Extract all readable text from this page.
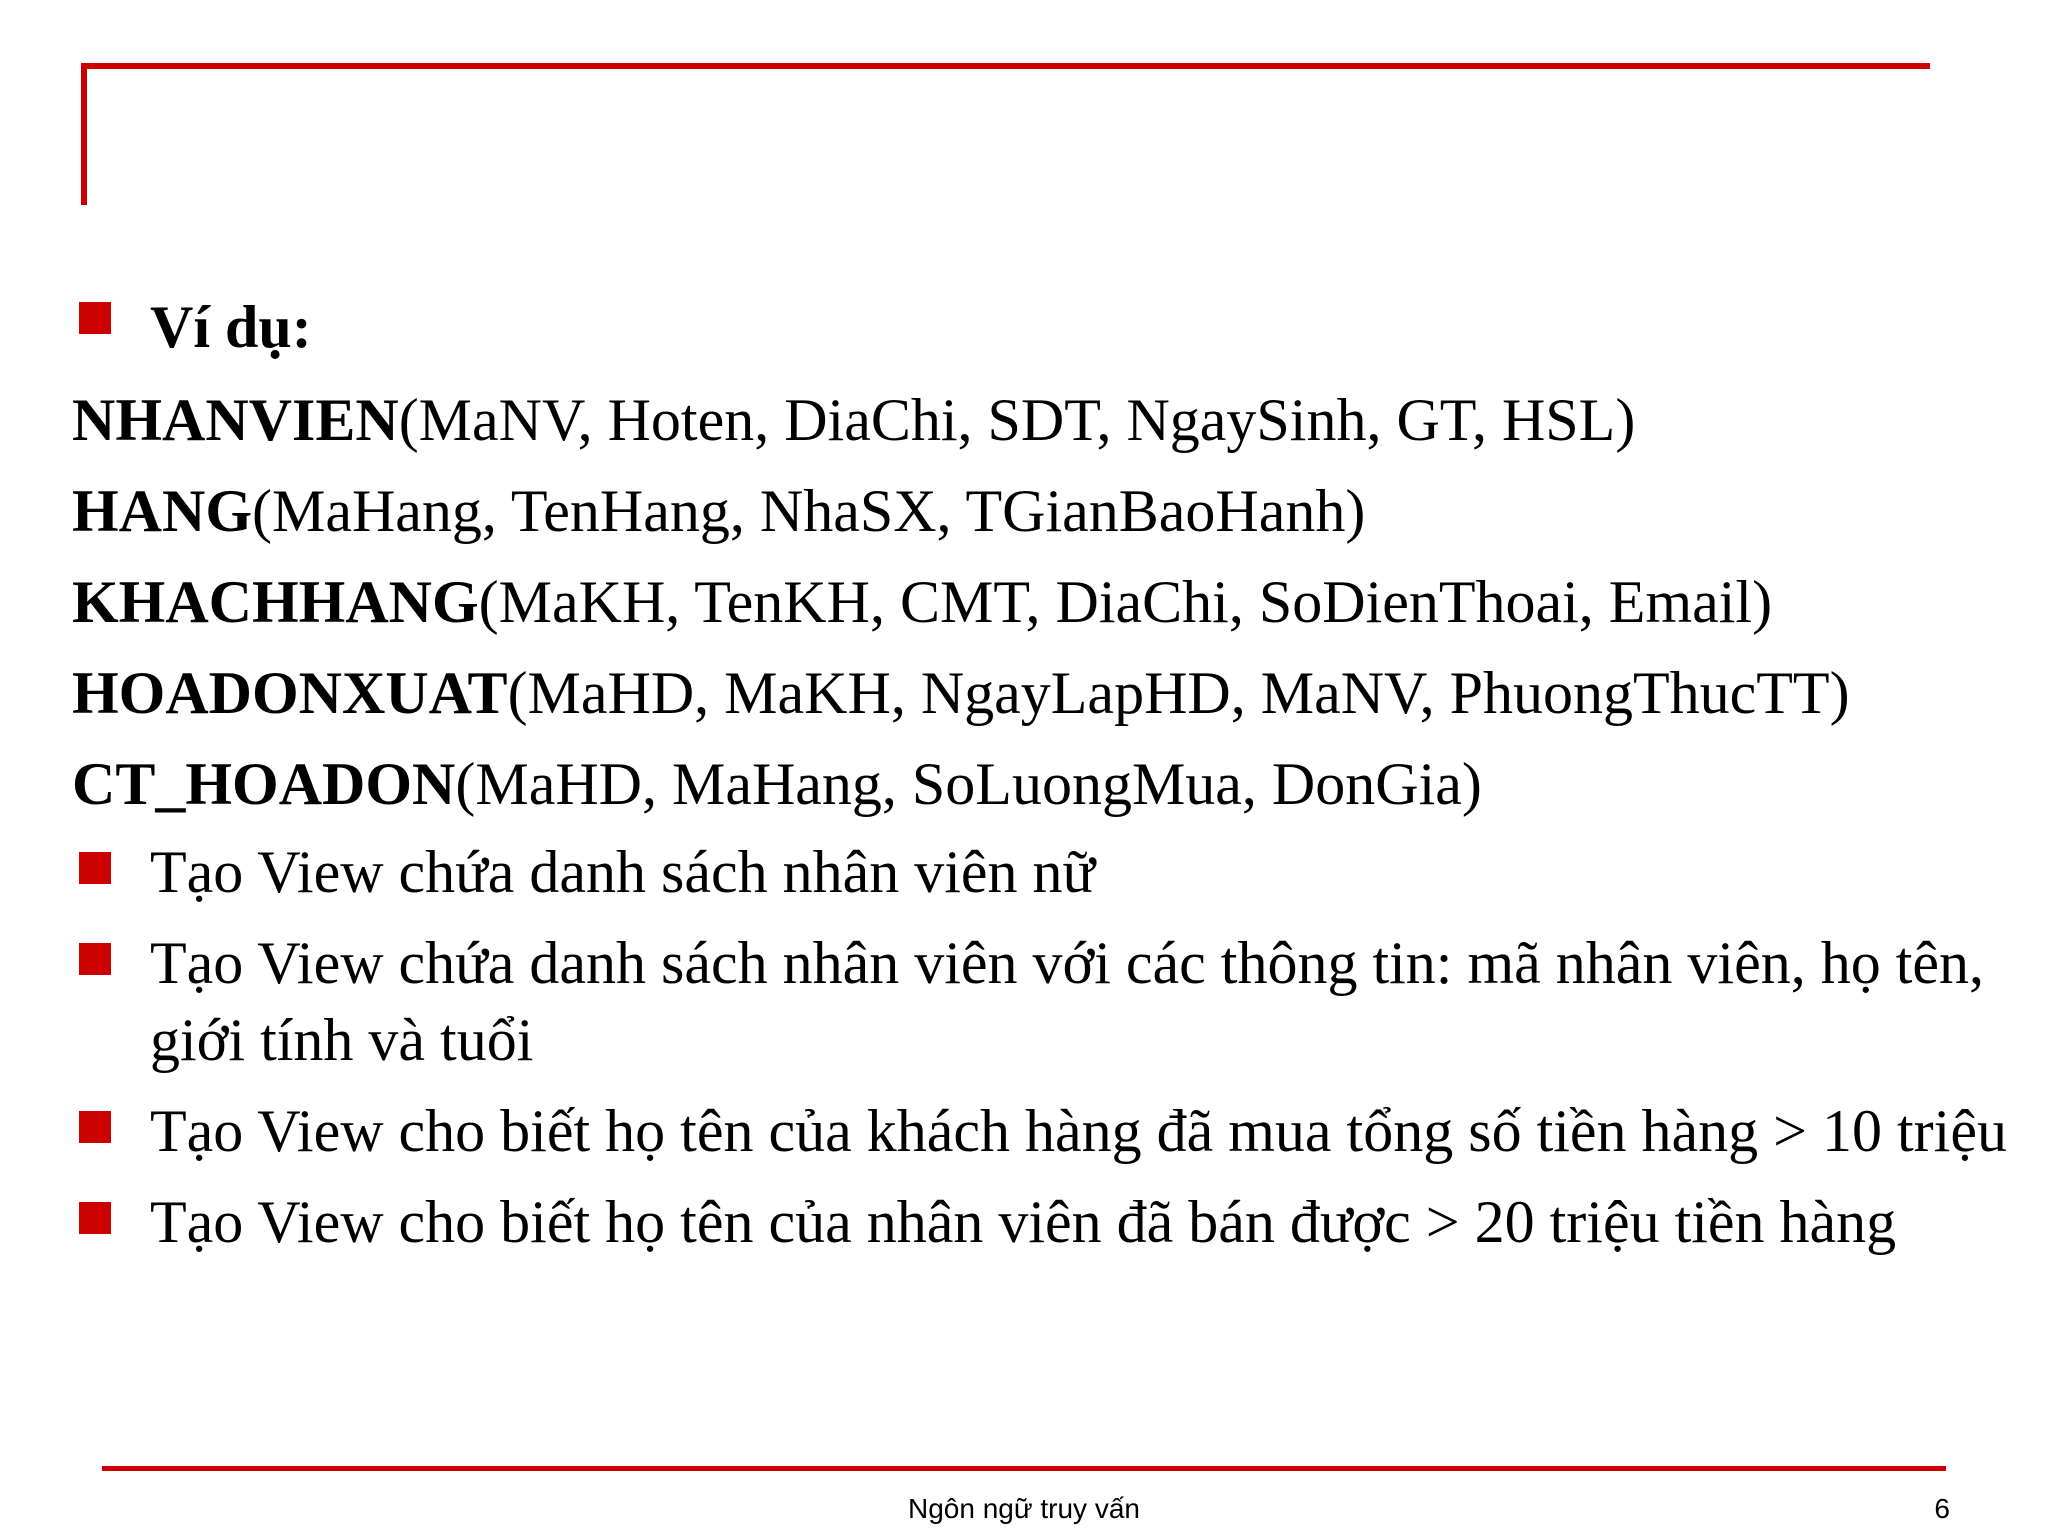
Ví dụ:
NHANVIEN(MaNV, Hoten, DiaChi, SDT, NgaySinh, GT, HSL)
HANG(MaHang, TenHang, NhaSX, TGianBaoHanh)
KHACHHANG(MaKH, TenKH, CMT, DiaChi, SoDienThoai, Email)
HOADONXUAT(MaHD, MaKH, NgayLapHD, MaNV, PhuongThucTT)
CT_HOADON(MaHD, MaHang, SoLuongMua, DonGia)
Tạo View chứa danh sách nhân viên nữ
Tạo View chứa danh sách nhân viên với các thông tin: mã nhân viên, họ tên, giới tính và tuổi
Tạo View cho biết họ tên của khách hàng đã mua tổng số tiền hàng > 10 triệu
Tạo View cho biết họ tên của nhân viên đã bán được > 20 triệu tiền hàng
Ngôn ngữ truy vấn	6
